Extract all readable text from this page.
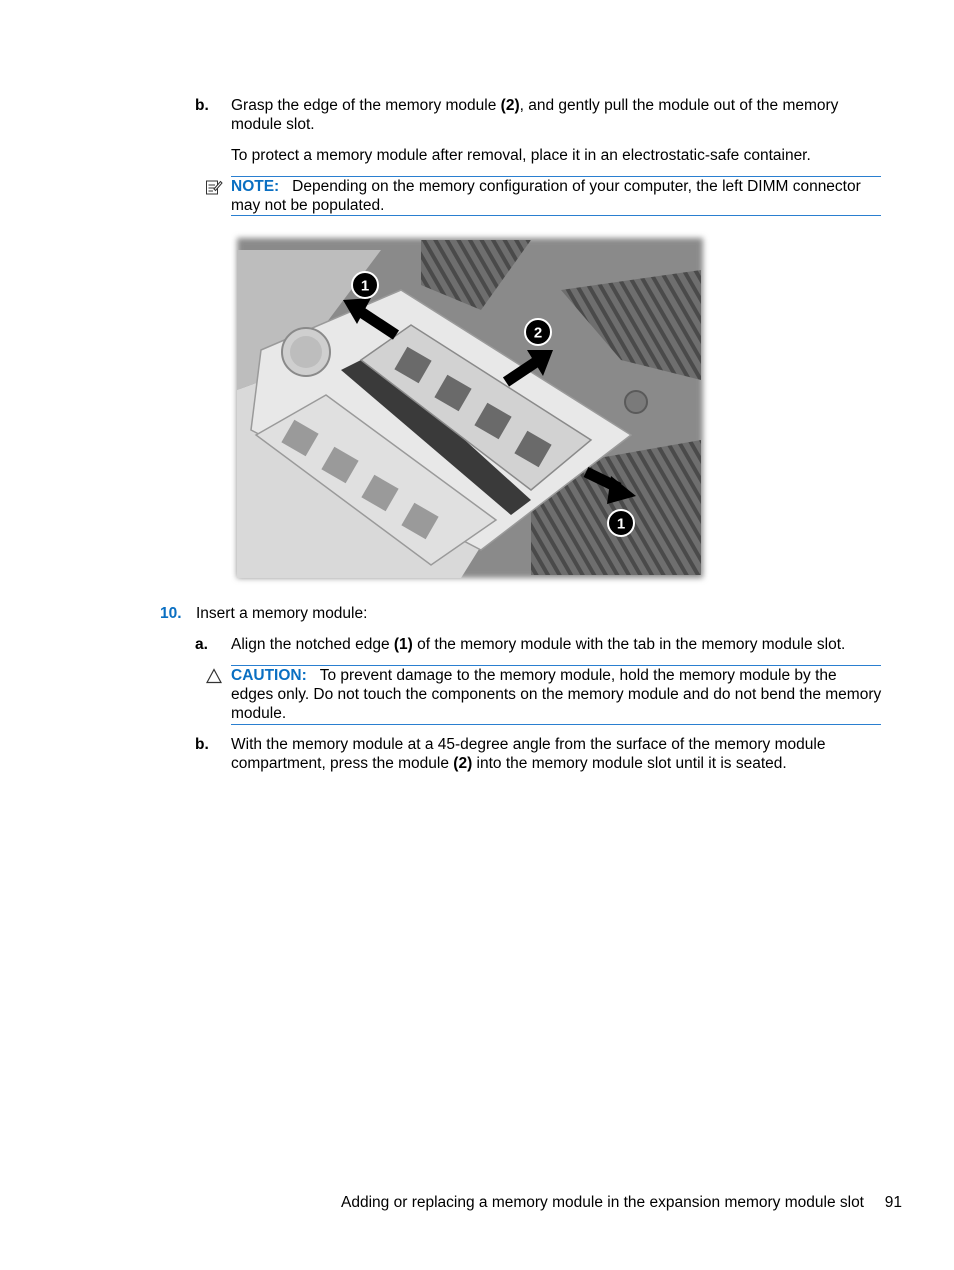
b. Grasp the edge of the memory module (2), and gently pull the module out of the memory module slot.
To protect a memory module after removal, place it in an electrostatic-safe container.
NOTE: Depending on the memory configuration of your computer, the left DIMM connector may not be populated.
1
2
1
10. Insert a memory module:
a. Align the notched edge (1) of the memory module with the tab in the memory module slot.
CAUTION: To prevent damage to the memory module, hold the memory module by the edges only. Do not touch the components on the memory module and do not bend the memory module.
b. With the memory module at a 45-degree angle from the surface of the memory module compartment, press the module (2) into the memory module slot until it is seated.
Adding or replacing a memory module in the expansion memory module slot 91
